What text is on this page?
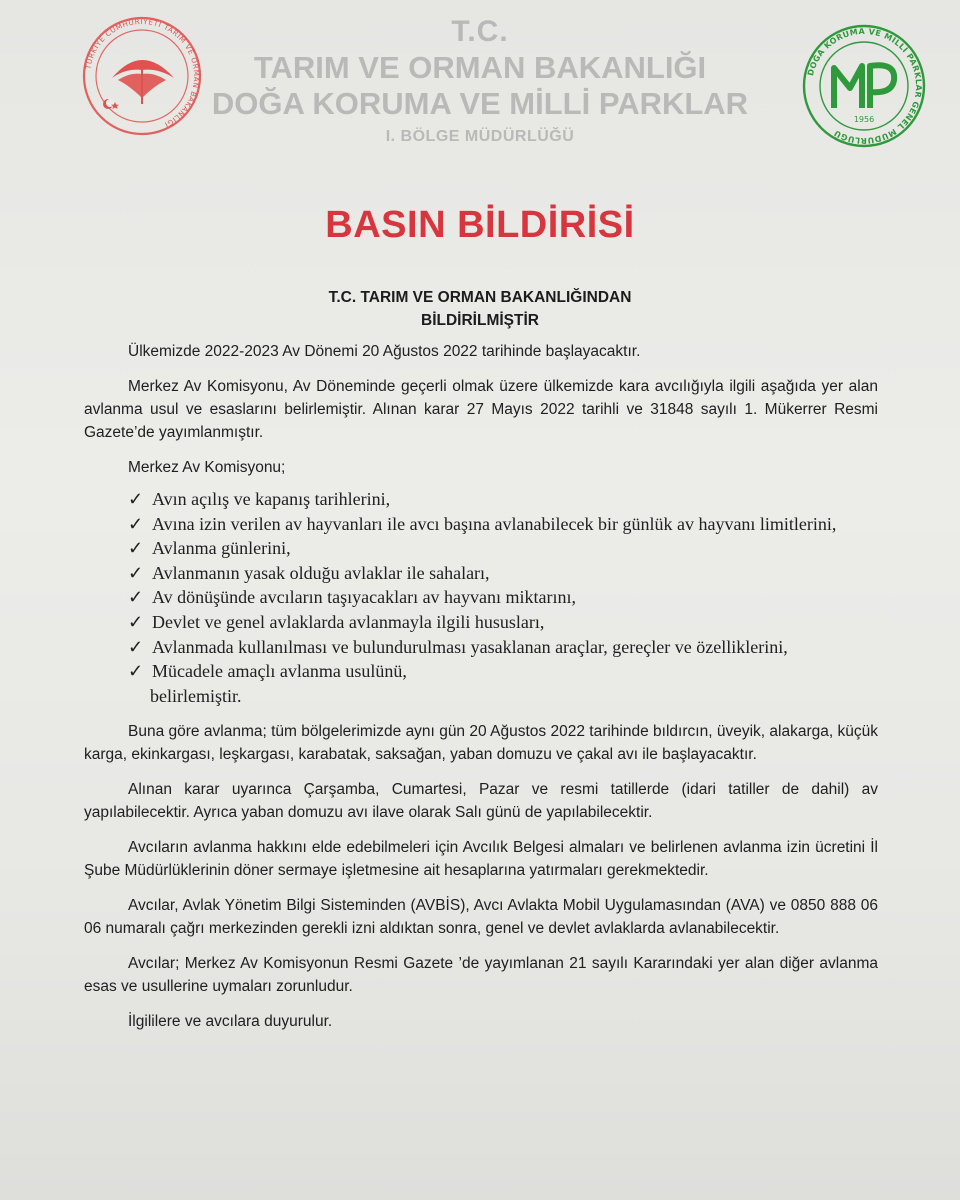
TÜRKİYE CUMHURİYETİ TARIM VE ORMAN BAKANLIĞI
T.C.
TARIM VE ORMAN BAKANLIĞI
DOĞA KORUMA VE MİLLİ PARKLAR
I. BÖLGE MÜDÜRLÜĞÜ
DOĞA KORUMA VE MİLLİ PARKLAR GENEL MÜDÜRLÜĞÜ
1956
BASIN BİLDİRİSİ
T.C. TARIM VE ORMAN BAKANLIĞINDAN
BİLDİRİLMİŞTİR

Ülkemizde 2022-2023 Av Dönemi 20 Ağustos 2022 tarihinde başlayacaktır.

Merkez Av Komisyonu, Av Döneminde geçerli olmak üzere ülkemizde kara avcılığıyla ilgili aşağıda yer alan avlanma usul ve esaslarını belirlemiştir. Alınan karar 27 Mayıs 2022 tarihli ve 31848 sayılı 1. Mükerrer Resmi Gazete’de yayımlanmıştır.

Merkez Av Komisyonu;

✓ Avın açılış ve kapanış tarihlerini,
✓ Avına izin verilen av hayvanları ile avcı başına avlanabilecek bir günlük av hayvanı limitlerini,
✓ Avlanma günlerini,
✓ Avlanmanın yasak olduğu avlaklar ile sahaları,
✓ Av dönüşünde avcıların taşıyacakları av hayvanı miktarını,
✓ Devlet ve genel avlaklarda avlanmayla ilgili hususları,
✓ Avlanmada kullanılması ve bulundurulması yasaklanan araçlar, gereçler ve özelliklerini,
✓ Mücadele amaçlı avlanma usulünü,
belirlemiştir.

Buna göre avlanma; tüm bölgelerimizde aynı gün 20 Ağustos 2022 tarihinde bıldırcın, üveyik, alakarga, küçük karga, ekinkargası, leşkargası, karabatak, saksağan, yaban domuzu ve çakal avı ile başlayacaktır.

Alınan karar uyarınca Çarşamba, Cumartesi, Pazar ve resmi tatillerde (idari tatiller de dahil) av yapılabilecektir. Ayrıca yaban domuzu avı ilave olarak Salı günü de yapılabilecektir.

Avcıların avlanma hakkını elde edebilmeleri için Avcılık Belgesi almaları ve belirlenen avlanma izin ücretini İl Şube Müdürlüklerinin döner sermaye işletmesine ait hesaplarına yatırmaları gerekmektedir.

Avcılar, Avlak Yönetim Bilgi Sisteminden (AVBİS), Avcı Avlakta Mobil Uygulamasından (AVA) ve 0850 888 06 06 numaralı çağrı merkezinden gerekli izni aldıktan sonra, genel ve devlet avlaklarda avlanabilecektir.

Avcılar; Merkez Av Komisyonun Resmi Gazete ’de yayımlanan 21 sayılı Kararındaki yer alan diğer avlanma esas ve usullerine uymaları zorunludur.

İlgililere ve avcılara duyurulur.
